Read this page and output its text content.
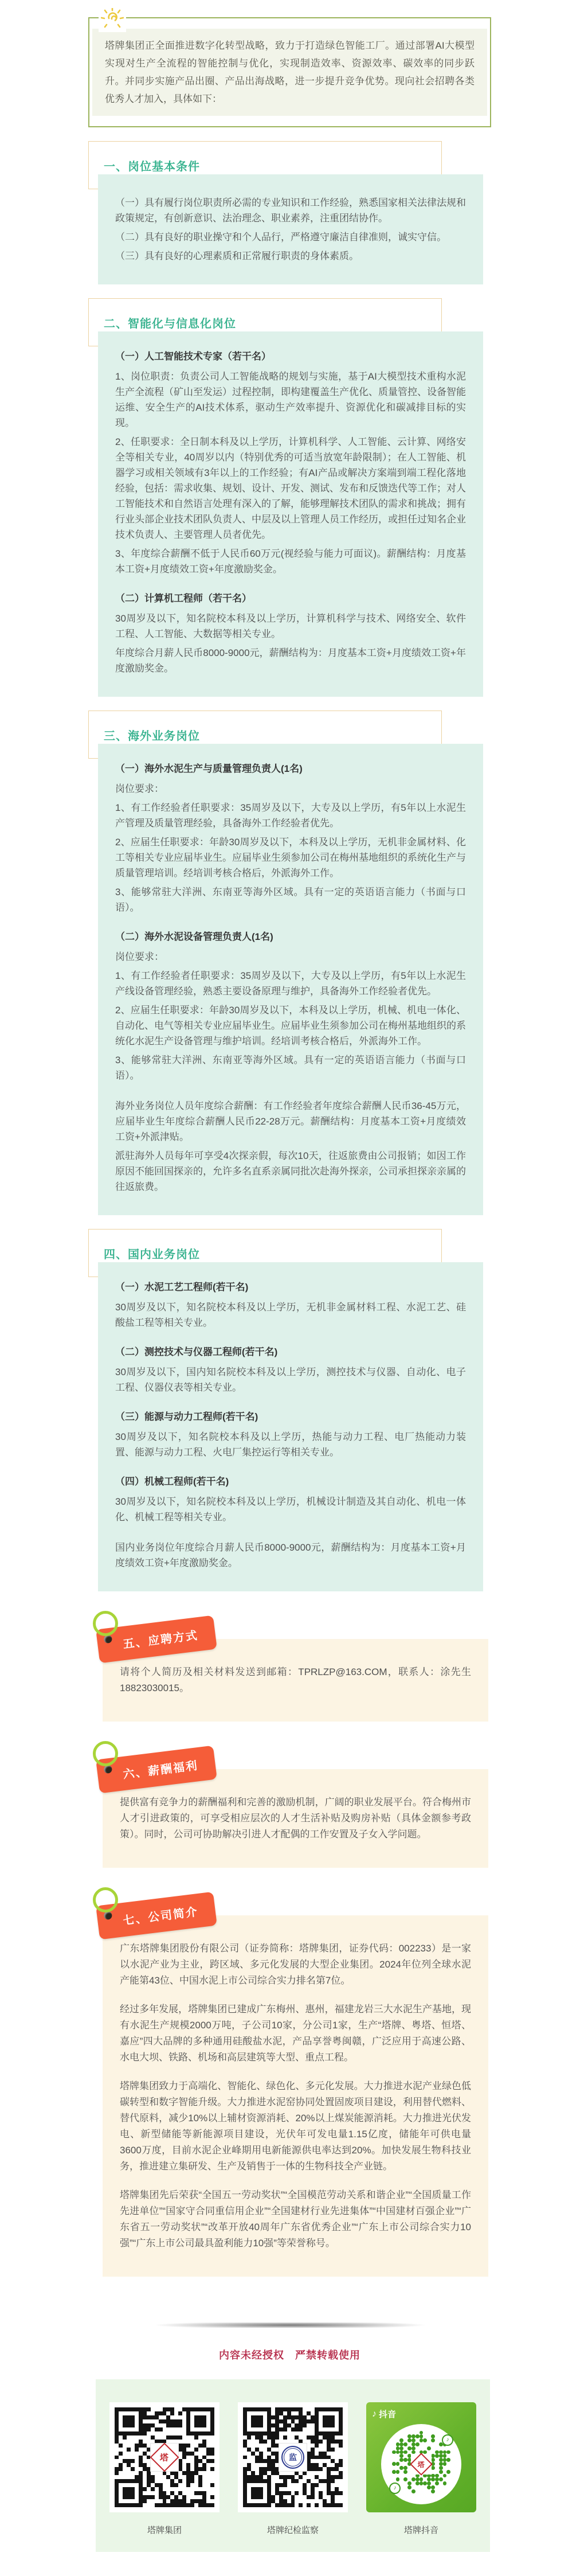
塔牌集团正全面推进数字化转型战略，致力于打造绿色智能工厂。通过部署AI大模型实现对生产全流程的智能控制与优化，实现制造效率、资源效率、碳效率的同步跃升。并同步实施产品出圈、产品出海战略，进一步提升竞争优势。现向社会招聘各类优秀人才加入，具体如下：

一、岗位基本条件

（一）具有履行岗位职责所必需的专业知识和工作经验，熟悉国家相关法律法规和政策规定，有创新意识、法治理念、职业素养，注重团结协作。

（二）具有良好的职业操守和个人品行，严格遵守廉洁自律准则，诚实守信。

（三）具有良好的心理素质和正常履行职责的身体素质。

二、智能化与信息化岗位
（一）人工智能技术专家（若干名）

1、岗位职责：负责公司人工智能战略的规划与实施，基于AI大模型技术重构水泥生产全流程（矿山至发运）过程控制，即构建覆盖生产优化、质量管控、设备智能运维、安全生产的AI技术体系，驱动生产效率提升、资源优化和碳减排目标的实现。

2、任职要求：全日制本科及以上学历，计算机科学、人工智能、云计算、网络安全等相关专业，40周岁以内（特别优秀的可适当放宽年龄限制）；在人工智能、机器学习或相关领域有3年以上的工作经验；有AI产品或解决方案端到端工程化落地经验，包括：需求收集、规划、设计、开发、测试、发布和反馈迭代等工作；对人工智能技术和自然语言处理有深入的了解，能够理解技术团队的需求和挑战；拥有行业头部企业技术团队负责人、中层及以上管理人员工作经历，或担任过知名企业技术负责人、主要管理人员者优先。

3、年度综合薪酬不低于人民币60万元(视经验与能力可面议)。薪酬结构：月度基本工资+月度绩效工资+年度激励奖金。

（二）计算机工程师（若干名）

30周岁及以下，知名院校本科及以上学历，计算机科学与技术、网络安全、软件工程、人工智能、大数据等相关专业。

年度综合月薪人民币8000-9000元，薪酬结构为：月度基本工资+月度绩效工资+年度激励奖金。

三、海外业务岗位
（一）海外水泥生产与质量管理负责人(1名)

岗位要求：

1、有工作经验者任职要求：35周岁及以下，大专及以上学历，有5年以上水泥生产管理及质量管理经验，具备海外工作经验者优先。

2、应届生任职要求：年龄30周岁及以下，本科及以上学历，无机非金属材料、化工等相关专业应届毕业生。应届毕业生须参加公司在梅州基地组织的系统化生产与质量管理培训。经培训考核合格后，外派海外工作。

3、能够常驻大洋洲、东南亚等海外区域。具有一定的英语语言能力（书面与口语）。

（二）海外水泥设备管理负责人(1名)

岗位要求：

1、有工作经验者任职要求：35周岁及以下，大专及以上学历，有5年以上水泥生产线设备管理经验，熟悉主要设备原理与维护，具备海外工作经验者优先。

2、应届生任职要求：年龄30周岁及以下，本科及以上学历，机械、机电一体化、自动化、电气等相关专业应届毕业生。应届毕业生须参加公司在梅州基地组织的系统化水泥生产设备管理与维护培训。经培训考核合格后，外派海外工作。

3、能够常驻大洋洲、东南亚等海外区域。具有一定的英语语言能力（书面与口语）。

海外业务岗位人员年度综合薪酬：有工作经验者年度综合薪酬人民币36-45万元，应届毕业生年度综合薪酬人民币22-28万元。薪酬结构：月度基本工资+月度绩效工资+外派津贴。

派驻海外人员每年可享受4次探亲假，每次10天，往返旅费由公司报销；如因工作原因不能回国探亲的，允许多名直系亲属同批次赴海外探亲，公司承担探亲亲属的往返旅费。

四、国内业务岗位
（一）水泥工艺工程师(若干名)

30周岁及以下，知名院校本科及以上学历，无机非金属材料工程、水泥工艺、硅酸盐工程等相关专业。

（二）测控技术与仪器工程师(若干名)

30周岁及以下，国内知名院校本科及以上学历，测控技术与仪器、自动化、电子工程、仪器仪表等相关专业。

（三）能源与动力工程师(若干名)

30周岁及以下，知名院校本科及以上学历，热能与动力工程、电厂热能动力装置、能源与动力工程、火电厂集控运行等相关专业。

（四）机械工程师(若干名)

30周岁及以下，知名院校本科及以上学历，机械设计制造及其自动化、机电一体化、机械工程等相关专业。

国内业务岗位年度综合月薪人民币8000-9000元，薪酬结构为：月度基本工资+月度绩效工资+年度激励奖金。

五、应聘方式

请将个人简历及相关材料发送到邮箱：TPRLZP@163.COM，联系人：涂先生18823030015。

六、薪酬福利

提供富有竞争力的薪酬福利和完善的激励机制，广阔的职业发展平台。符合梅州市人才引进政策的，可享受相应层次的人才生活补贴及购房补贴（具体金额参考政策）。同时，公司可协助解决引进人才配偶的工作安置及子女入学问题。

七、公司简介

广东塔牌集团股份有限公司（证券简称：塔牌集团，证券代码：002233）是一家以水泥产业为主业，跨区域、多元化发展的大型企业集团。2024年位列全球水泥产能第43位、中国水泥上市公司综合实力排名第7位。

经过多年发展，塔牌集团已建成广东梅州、惠州，福建龙岩三大水泥生产基地，现有水泥生产规模2000万吨，子公司10家，分公司1家，生产“塔牌、粤塔、恒塔、嘉应”四大品牌的多种通用硅酸盐水泥，产品享誉粤闽赣，广泛应用于高速公路、水电大坝、铁路、机场和高层建筑等大型、重点工程。

塔牌集团致力于高端化、智能化、绿色化、多元化发展。大力推进水泥产业绿色低碳转型和数字智能升级。大力推进水泥窑协同处置固废项目建设，利用替代燃料、替代原料，减少10%以上辅材资源消耗、20%以上煤炭能源消耗。大力推进光伏发电、新型储能等新能源项目建设，光伏年可发电量1.15亿度，储能年可供电量3600万度，目前水泥企业峰期用电新能源供电率达到20%。加快发展生物科技业务，推进建立集研发、生产及销售于一体的生物科技全产业链。

塔牌集团先后荣获“全国五一劳动奖状”“全国模范劳动关系和谐企业”“全国质量工作先进单位”“国家守合同重信用企业”“全国建材行业先进集体”“中国建材百强企业”“广东省五一劳动奖状”“改革开放40周年广东省优秀企业”“广东上市公司综合实力10强”“广东上市公司最具盈利能力10强”等荣誉称号。

内容未经授权　严禁转载使用

塔

塔牌集团

监

塔牌纪检监察

♪ 抖音
塔
♪
♪

塔牌抖音
